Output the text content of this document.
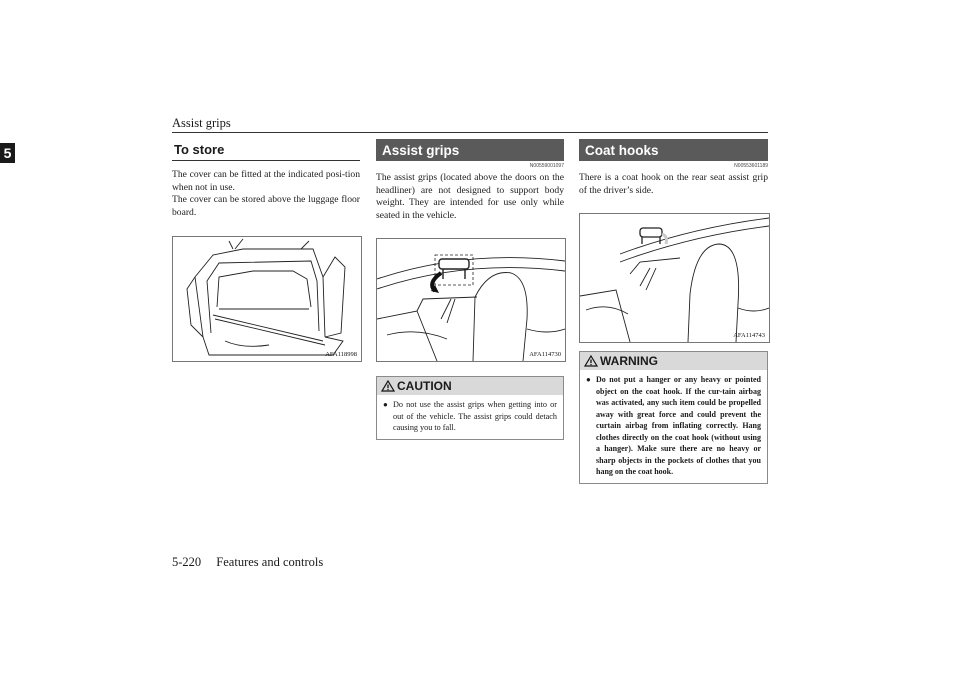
Assist grips
5	To store
The cover can be fitted at the indicated posi-tion when not in use.
The cover can be stored above the luggage floor board.
AFA118998
Assist grips
N00559001097
The assist grips (located above the doors on the headliner) are not designed to support body weight. They are intended for use only while seated in the vehicle.
AFA114730
CAUTION
● Do not use the assist grips when getting into or out of the vehicle. The assist grips could detach causing you to fall.
Coat hooks
N00553601189
There is a coat hook on the rear seat assist grip of the driver’s side.
AFA114743
WARNING
● Do not put a hanger or any heavy or pointed object on the coat hook. If the cur-tain airbag was activated, any such item could be propelled away with great force and could prevent the curtain airbag from inflating correctly. Hang clothes directly on the coat hook (without using a hanger). Make sure there are no heavy or sharp objects in the pockets of clothes that you hang on the coat hook.
5-220 Features and controls
